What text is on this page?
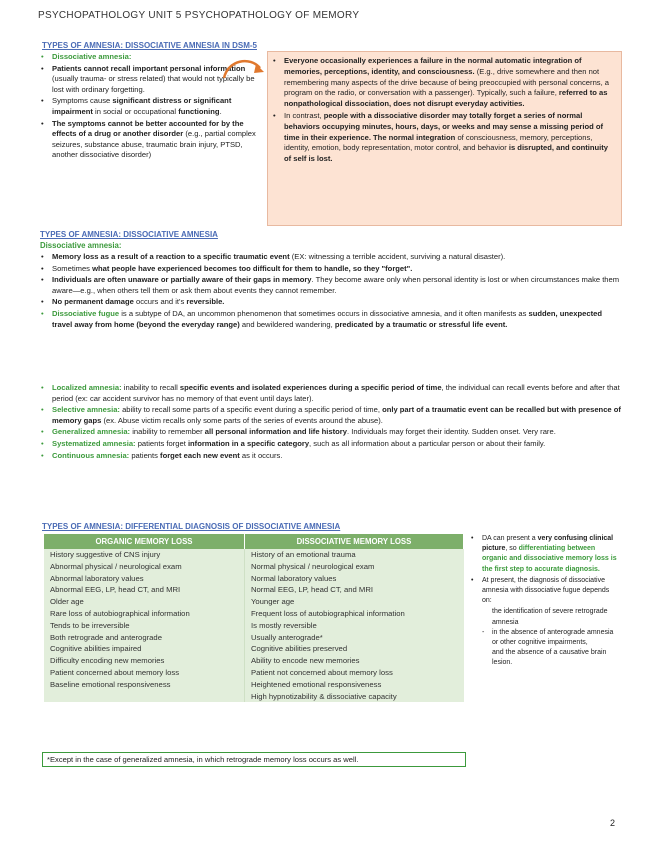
PSYCHOPATHOLOGY UNIT 5 PSYCHOPATHOLOGY OF MEMORY
TYPES OF AMNESIA: DISSOCIATIVE AMNESIA IN DSM-5
• Dissociative amnesia:
• Patients cannot recall important personal information (usually trauma- or stress related) that would not typically be lost with ordinary forgetting.
• Symptoms cause significant distress or significant impairment in social or occupational functioning.
• The symptoms cannot be better accounted for by the effects of a drug or another disorder (e.g., partial complex seizures, substance abuse, traumatic brain injury, PTSD, another dissociative disorder)
• Everyone occasionally experiences a failure in the normal automatic integration of memories, perceptions, identity, and consciousness. (E.g., drive somewhere and then not remembering many aspects of the drive because of being preoccupied with personal concerns, a program on the radio, or conversation with a passenger). Typically, such a failure, referred to as nonpathological dissociation, does not disrupt everyday activities.
• In contrast, people with a dissociative disorder may totally forget a series of normal behaviors occupying minutes, hours, days, or weeks and may sense a missing period of time in their experience. The normal integration of consciousness, memory, perceptions, identity, emotion, body representation, motor control, and behavior is disrupted, and continuity of self is lost.
TYPES OF AMNESIA: DISSOCIATIVE AMNESIA
Dissociative amnesia:
• Memory loss as a result of a reaction to a specific traumatic event (EX: witnessing a terrible accident, surviving a natural disaster).
• Sometimes what people have experienced becomes too difficult for them to handle, so they "forget".
• Individuals are often unaware or partially aware of their gaps in memory. They become aware only when personal identity is lost or when circumstances make them aware—e.g., when others tell them or ask them about events they cannot remember.
• No permanent damage occurs and it's reversible.
• Dissociative fugue is a subtype of DA, an uncommon phenomenon that sometimes occurs in dissociative amnesia, and it often manifests as sudden, unexpected travel away from home (beyond the everyday range) and bewildered wandering, predicated by a traumatic or stressful life event.
• Localized amnesia: inability to recall specific events and isolated experiences during a specific period of time, the individual can recall events before and after that period (ex: car accident survivor has no memory of that event until days later).
• Selective amnesia: ability to recall some parts of a specific event during a specific period of time, only part of a traumatic event can be recalled but with presence of memory gaps (ex. Abuse victim recalls only some parts of the series of events around the abuse).
• Generalized amnesia: inability to remember all personal information and life history. Individuals may forget their identity. Sudden onset. Very rare.
• Systematized amnesia: patients forget information in a specific category, such as all information about a particular person or about their family.
• Continuous amnesia: patients forget each new event as it occurs.
TYPES OF AMNESIA: DIFFERENTIAL DIAGNOSIS OF DISSOCIATIVE AMNESIA
ORGANIC MEMORY LOSS	DISSOCIATIVE MEMORY LOSS
History suggestive of CNS injury	History of an emotional trauma
Abnormal physical / neurological exam	Normal physical / neurological exam
Abnormal laboratory values	Normal laboratory values
Abnormal EEG, LP, head CT, and MRI	Normal EEG, LP, head CT, and MRI
Older age	Younger age
Rare loss of autobiographical information	Frequent loss of autobiographical information
Tends to be irreversible	Is mostly reversible
Both retrograde and anterograde	Usually anterograde*
Cognitive abilities impaired	Cognitive abilities preserved
Difficulty encoding new memories	Ability to encode new memories
Patient concerned about memory loss	Patient not concerned about memory loss
Baseline emotional responsiveness	Heightened emotional responsiveness
	High hypnotizability & dissociative capacity
*Except in the case of generalized amnesia, in which retrograde memory loss occurs as well.
• DA can present a very confusing clinical picture, so differentiating between organic and dissociative memory loss is the first step to accurate diagnosis.
• At present, the diagnosis of dissociative amnesia with dissociative fugue depends on:
the identification of severe retrograde amnesia
- in the absence of anterograde amnesia or other cognitive impairments,
and the absence of a causative brain lesion.
2
